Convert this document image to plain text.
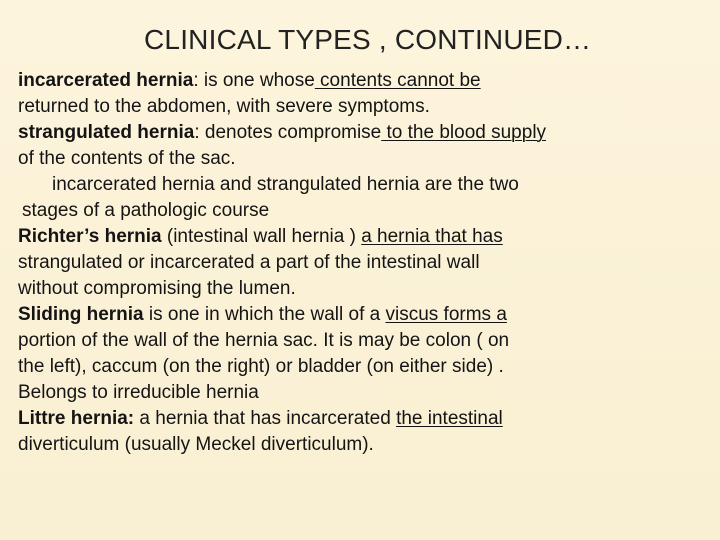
CLINICAL TYPES , CONTINUED…
incarcerated hernia: is one whose contents cannot be
returned to the abdomen, with severe symptoms.
strangulated hernia: denotes compromise to the blood supply
of the contents of the sac.
incarcerated hernia and strangulated hernia are the two
stages of a pathologic course
Richter’s hernia (intestinal wall hernia ) a hernia that has
strangulated or incarcerated a part of the intestinal wall
without compromising the lumen.
Sliding hernia is one in which the wall of a viscus forms a
portion of the wall of the hernia sac. It is may be colon ( on
the left), caccum (on the right) or bladder (on either side) .
Belongs to irreducible hernia
Littre hernia: a hernia that has incarcerated the intestinal
diverticulum (usually Meckel diverticulum).
